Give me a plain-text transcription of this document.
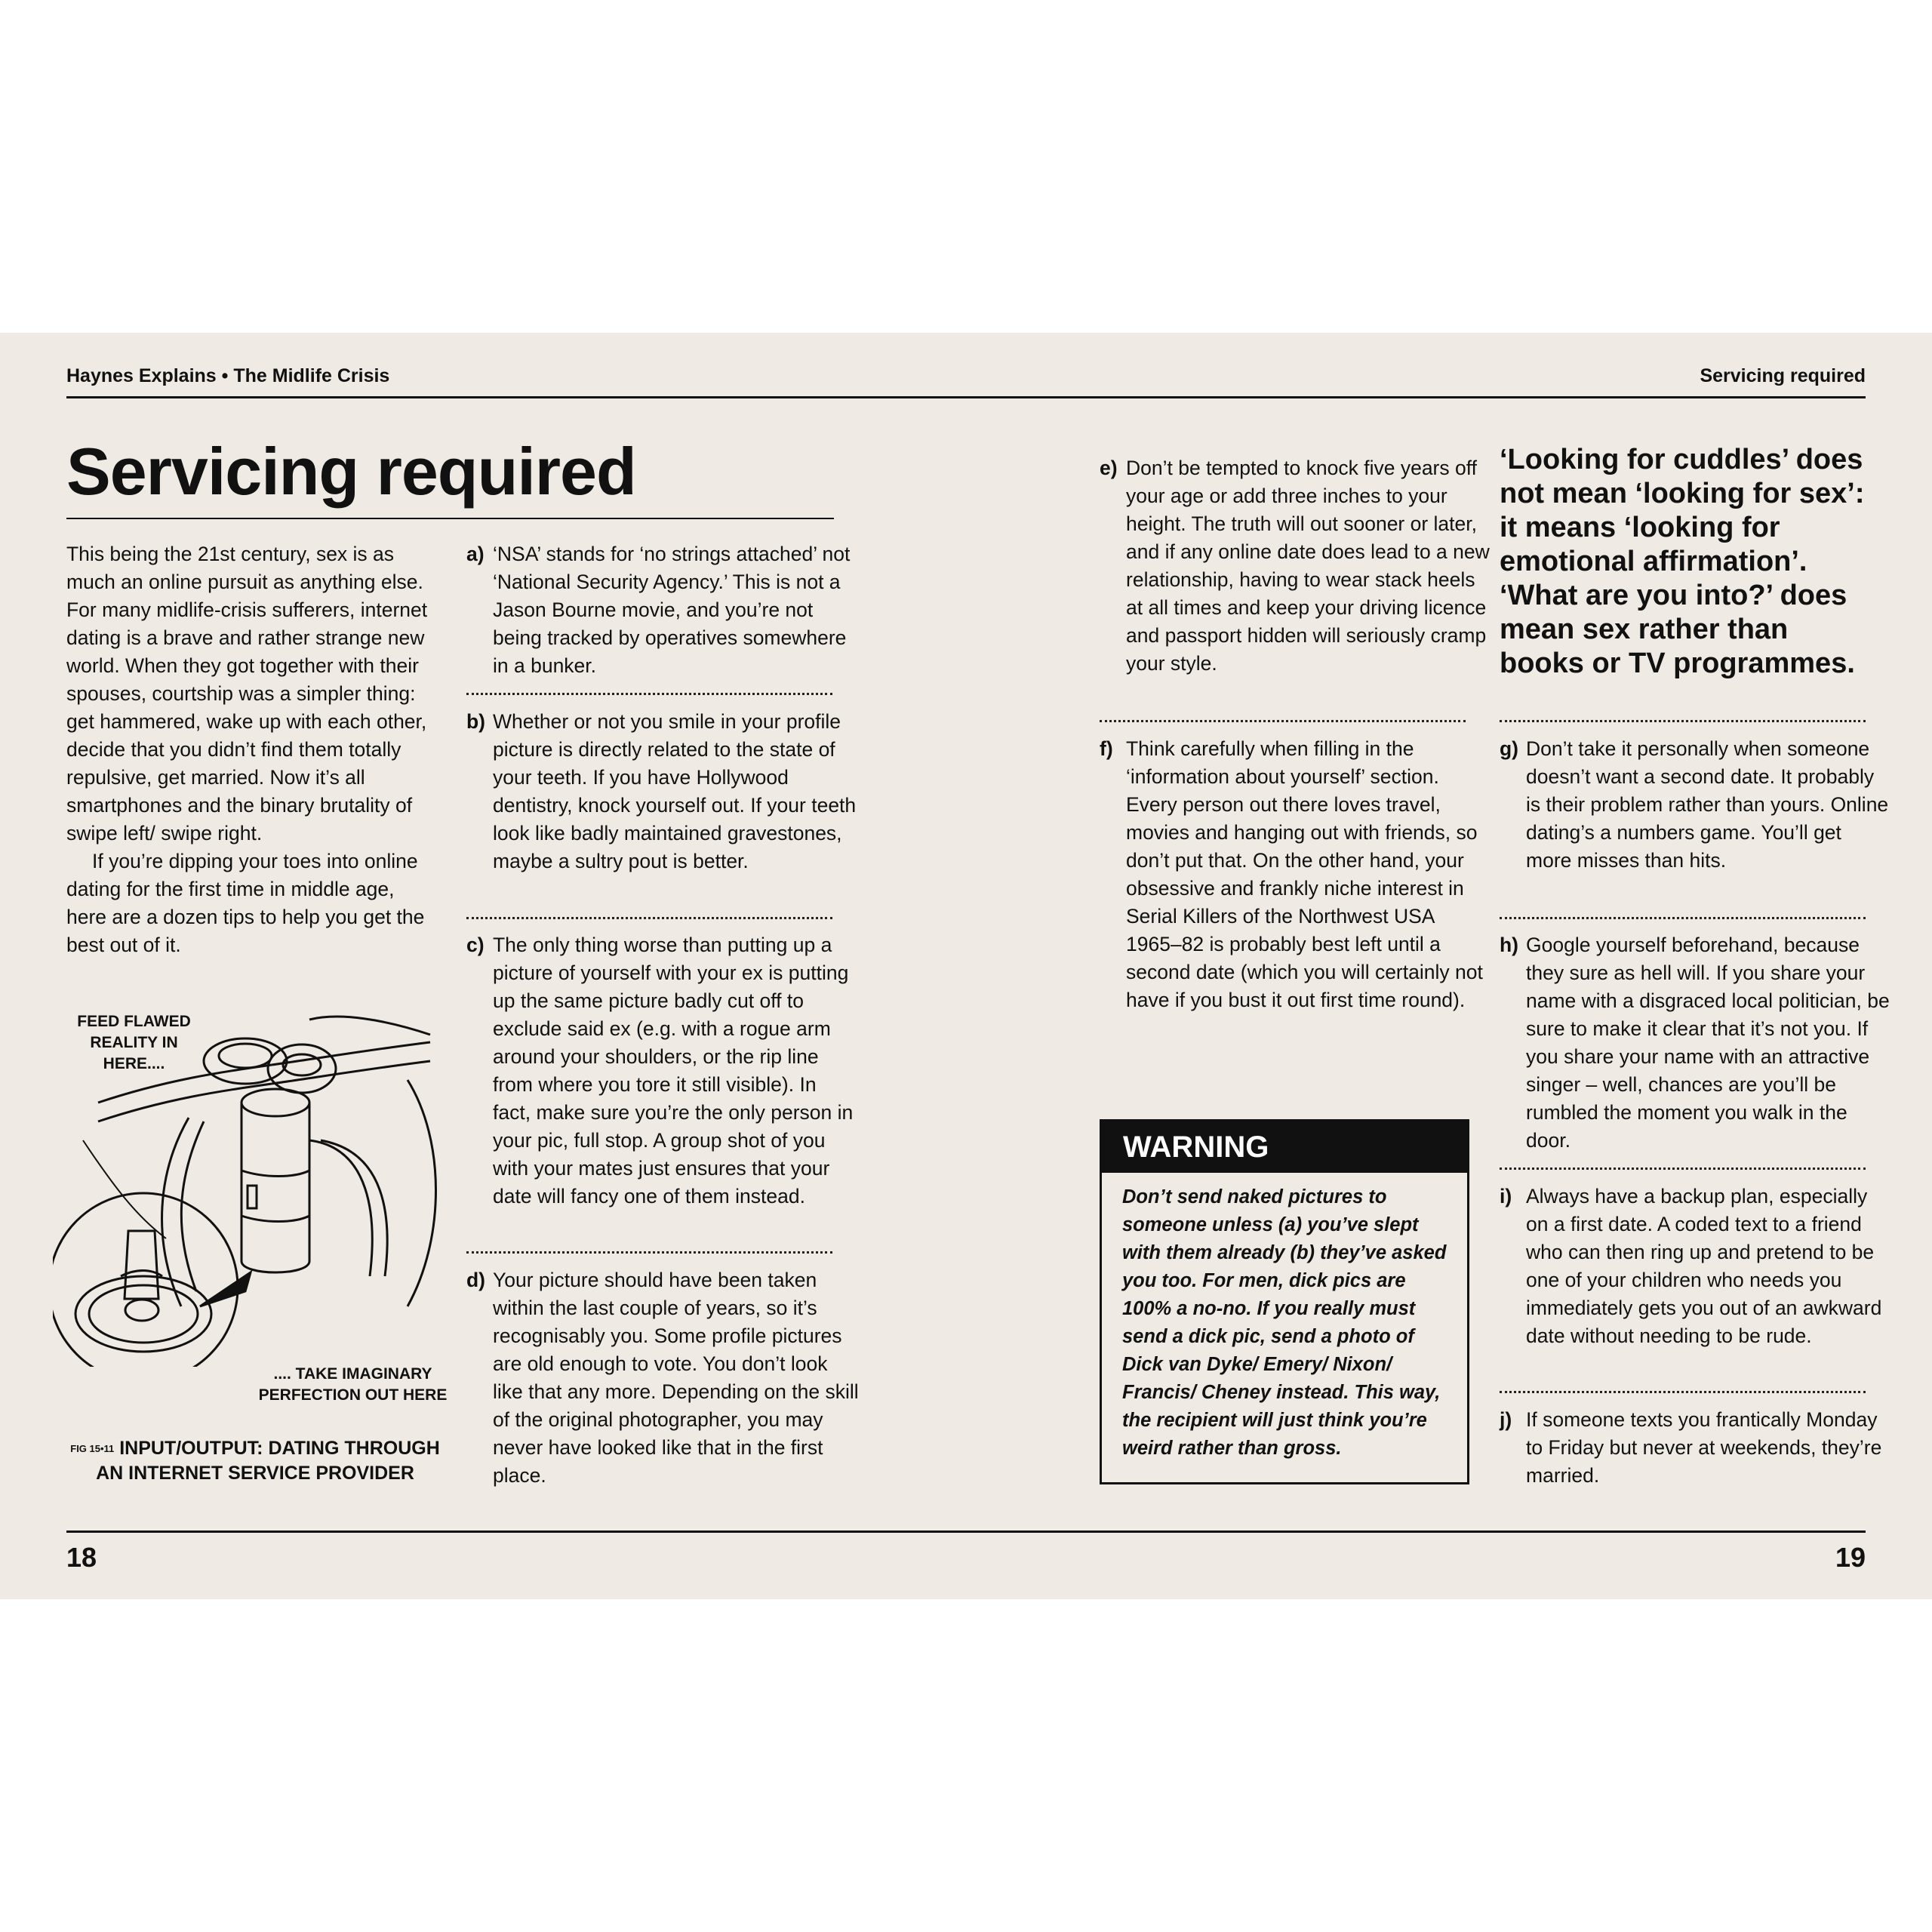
Haynes Explains • The Midlife Crisis	Servicing required
Servicing required

This being the 21st century, sex is as much an online pursuit as anything else. For many midlife-crisis sufferers, internet dating is a brave and rather strange new world. When they got together with their spouses, courtship was a simpler thing: get hammered, wake up with each other, decide that you didn’t find them totally repulsive, get married. Now it’s all smartphones and the binary brutality of swipe left/ swipe right.

If you’re dipping your toes into online dating for the first time in middle age, here are a dozen tips to help you get the best out of it.

FEED FLAWED REALITY IN HERE....
.... TAKE IMAGINARY PERFECTION OUT HERE
$^{FIG 15•11}$ INPUT/OUTPUT: DATING THROUGH AN INTERNET SERVICE PROVIDER
a) ‘NSA’ stands for ‘no strings attached’ not ‘National Security Agency.’ This is not a Jason Bourne movie, and you’re not being tracked by operatives somewhere in a bunker.
b) Whether or not you smile in your profile picture is directly related to the state of your teeth. If you have Hollywood dentistry, knock yourself out. If your teeth look like badly maintained gravestones, maybe a sultry pout is better.
c) The only thing worse than putting up a picture of yourself with your ex is putting up the same picture badly cut off to exclude said ex (e.g. with a rogue arm around your shoulders, or the rip line from where you tore it still visible). In fact, make sure you’re the only person in your pic, full stop. A group shot of you with your mates just ensures that your date will fancy one of them instead.
d) Your picture should have been taken within the last couple of years, so it’s recognisably you. Some profile pictures are old enough to vote. You don’t look like that any more. Depending on the skill of the original photographer, you may never have looked like that in the first place.
e) Don’t be tempted to knock five years off your age or add three inches to your height. The truth will out sooner or later, and if any online date does lead to a new relationship, having to wear stack heels at all times and keep your driving licence and passport hidden will seriously cramp your style.
f) Think carefully when filling in the ‘information about yourself’ section. Every person out there loves travel, movies and hanging out with friends, so don’t put that. On the other hand, your obsessive and frankly niche interest in Serial Killers of the Northwest USA 1965–82 is probably best left until a second date (which you will certainly not have if you bust it out first time round).
WARNING
Don’t send naked pictures to someone unless (a) you’ve slept with them already (b) they’ve asked you too. For men, dick pics are 100% a no-no. If you really must send a dick pic, send a photo of Dick van Dyke/ Emery/ Nixon/ Francis/ Cheney instead. This way, the recipient will just think you’re weird rather than gross.
‘Looking for cuddles’ does not mean ‘looking for sex’: it means ‘looking for emotional affirmation’. ‘What are you into?’ does mean sex rather than books or TV programmes.
g) Don’t take it personally when someone doesn’t want a second date. It probably is their problem rather than yours. Online dating’s a numbers game. You’ll get more misses than hits.
h) Google yourself beforehand, because they sure as hell will. If you share your name with a disgraced local politician, be sure to make it clear that it’s not you. If you share your name with an attractive singer – well, chances are you’ll be rumbled the moment you walk in the door.
i) Always have a backup plan, especially on a first date. A coded text to a friend who can then ring up and pretend to be one of your children who needs you immediately gets you out of an awkward date without needing to be rude.
j) If someone texts you frantically Monday to Friday but never at weekends, they’re married.
18	19
